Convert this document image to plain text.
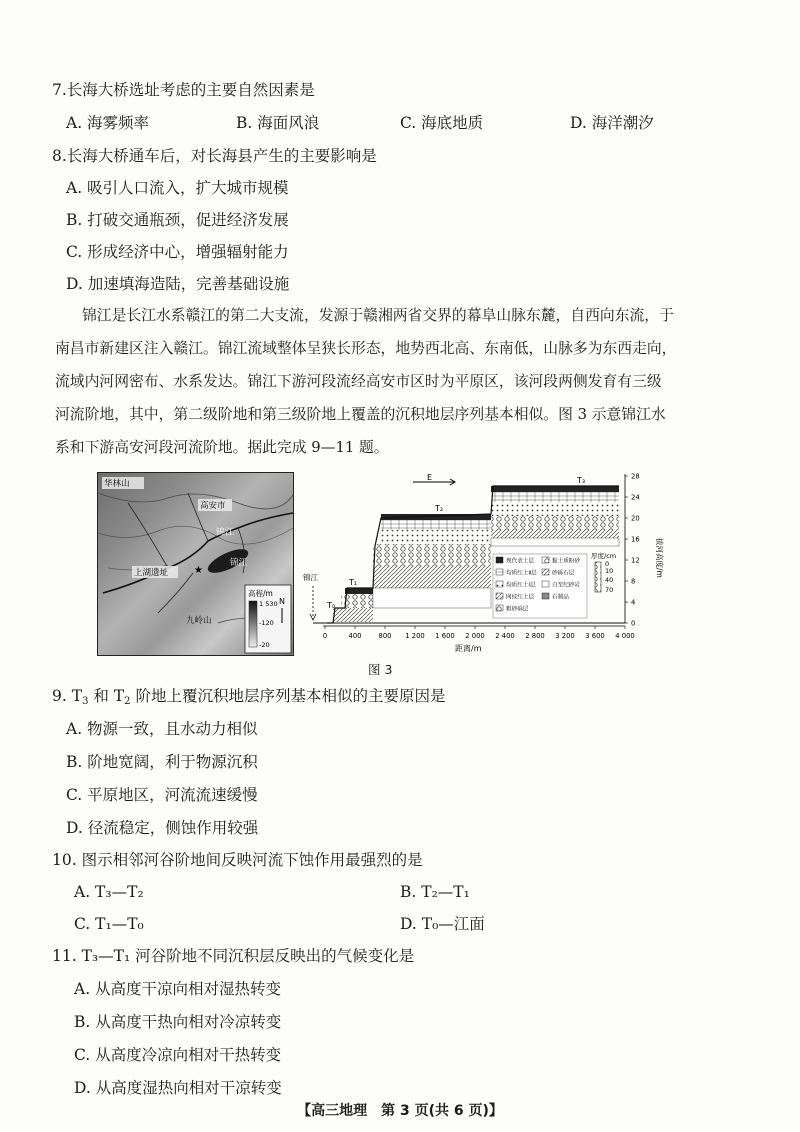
7.长海大桥选址考虑的主要自然因素是
A. 海雾频率	B. 海面风浪	C. 海底地质	D. 海洋潮汐
8.长海大桥通车后，对长海县产生的主要影响是
A. 吸引人口流入，扩大城市规模
B. 打破交通瓶颈，促进经济发展
C. 形成经济中心，增强辐射能力
D. 加速填海造陆，完善基础设施
锦江是长江水系赣江的第二大支流，发源于赣湘两省交界的幕阜山脉东麓，自西向东流，于
南昌市新建区注入赣江。锦江流域整体呈狭长形态，地势西北高、东南低，山脉多为东西走向，
流域内河网密布、水系发达。锦江下游河段流经高安市区时为平原区，该河段两侧发育有三级
河流阶地，其中，第二级阶地和第三级阶地上覆盖的沉积地层序列基本相似。图 3 示意锦江水
系和下游高安河段河流阶地。据此完成 9—11 题。
★
华林山
高安市
锦江
上湖遗址
锦江
九岭山
高程/m
N
1 530
-120
-20
锦江
E
T₀
T₁
T₂
T₃
0
4
8
12
16
20
24
28
拔河高度/m
0	400	800 1 200 1 600 2 000 2 400 2 800 3 200 3 600 4 000
距离/m
现代表土层	黏土质粉砂
均质红土Ⅱ层	砂砾石层
均质红土Ⅰ层	白垩纪砂岩
网纹红土层	石制品
粗砂砾层
厚度/cm
0
10
40
70
图 3
9. T3 和 T2 阶地上覆沉积地层序列基本相似的主要原因是
A. 物源一致，且水动力相似
B. 阶地宽阔，利于物源沉积
C. 平原地区，河流流速缓慢
D. 径流稳定，侧蚀作用较强
10. 图示相邻河谷阶地间反映河流下蚀作用最强烈的是
A. T₃—T₂	B. T₂—T₁
C. T₁—T₀	D. T₀—江面
11. T₃—T₁ 河谷阶地不同沉积层反映出的气候变化是
A. 从高度干凉向相对湿热转变
B. 从高度干热向相对冷凉转变
C. 从高度冷凉向相对干热转变
D. 从高度湿热向相对干凉转变
【高三地理　第 3 页(共 6 页)】
